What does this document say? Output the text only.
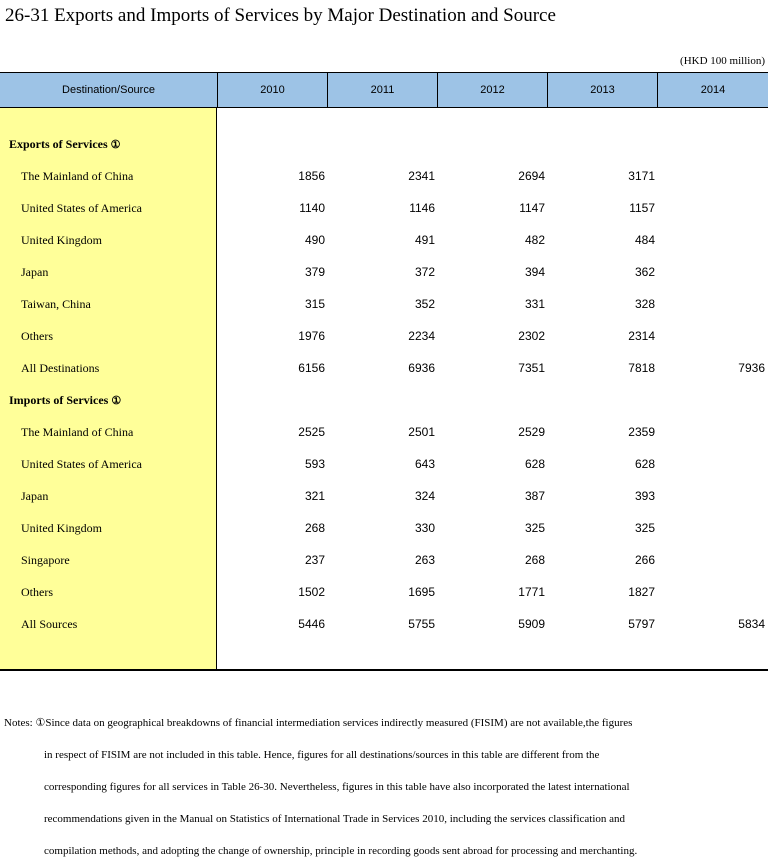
26-31 Exports and Imports of Services by Major Destination and Source
(HKD 100 million)
Destination/Source	2010	2011	2012	2013	2014
Exports of Services ①
The Mainland of China	1856	2341	2694	3171
United States of America	1140	1146	1147	1157
United Kingdom	490	491	482	484
Japan	379	372	394	362
Taiwan, China	315	352	331	328
Others	1976	2234	2302	2314
All Destinations	6156	6936	7351	7818	7936
Imports of Services ①
The Mainland of China	2525	2501	2529	2359
United States of America	593	643	628	628
Japan	321	324	387	393
United Kingdom	268	330	325	325
Singapore	237	263	268	266
Others	1502	1695	1771	1827
All Sources	5446	5755	5909	5797	5834
Notes: ①Since data on geographical breakdowns of financial intermediation services indirectly measured (FISIM) are not available,the figures
in respect of FISIM are not included in this table. Hence, figures for all destinations/sources in this table are different from the
corresponding figures for all services in Table 26-30. Nevertheless, figures in this table have also incorporated the latest international
recommendations given in the Manual on Statistics of International Trade in Services 2010, including the services classification and
compilation methods, and adopting the change of ownership, principle in recording goods sent abroad for processing and merchanting.
